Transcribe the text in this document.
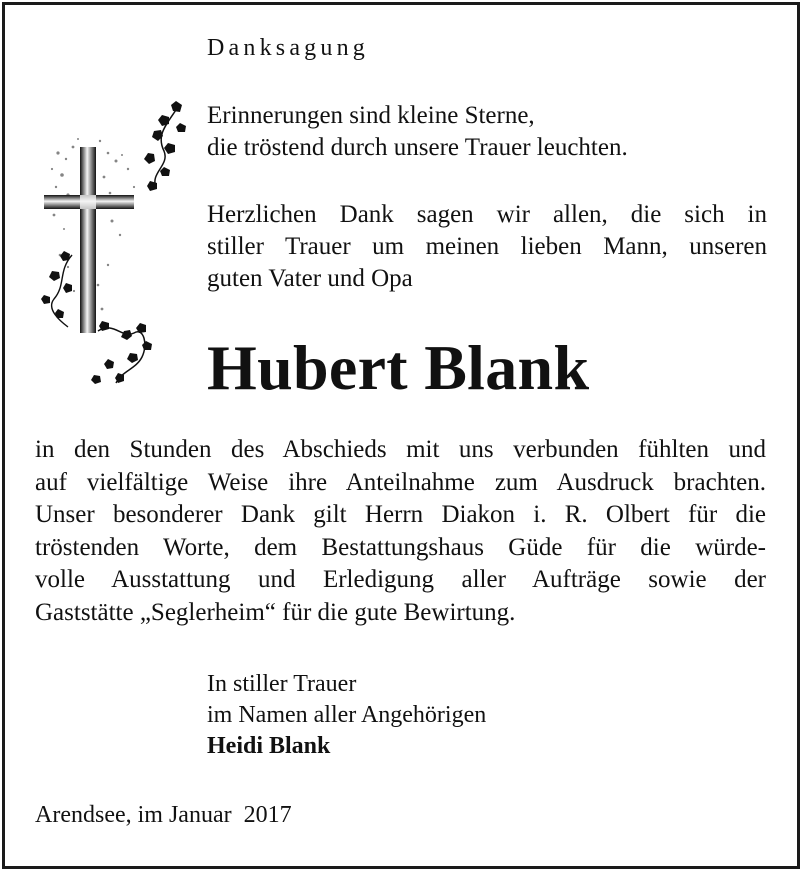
Danksagung
Erinnerungen sind kleine Sterne,
die tröstend durch unsere Trauer leuchten.
Herzlichen Dank sagen wir allen, die sich in
stiller Trauer um meinen lieben Mann, unseren
guten Vater und Opa
Hubert Blank
in den Stunden des Abschieds mit uns verbunden fühlten und
auf vielfältige Weise ihre Anteilnahme zum Ausdruck brachten.
Unser besonderer Dank gilt Herrn Diakon i. R. Olbert für die
tröstenden Worte, dem Bestattungshaus Güde für die würde-
volle Ausstattung und Erledigung aller Aufträge sowie der
Gaststätte „Seglerheim“ für die gute Bewirtung.
In stiller Trauer
im Namen aller Angehörigen
Heidi Blank
Arendsee, im Januar  2017
